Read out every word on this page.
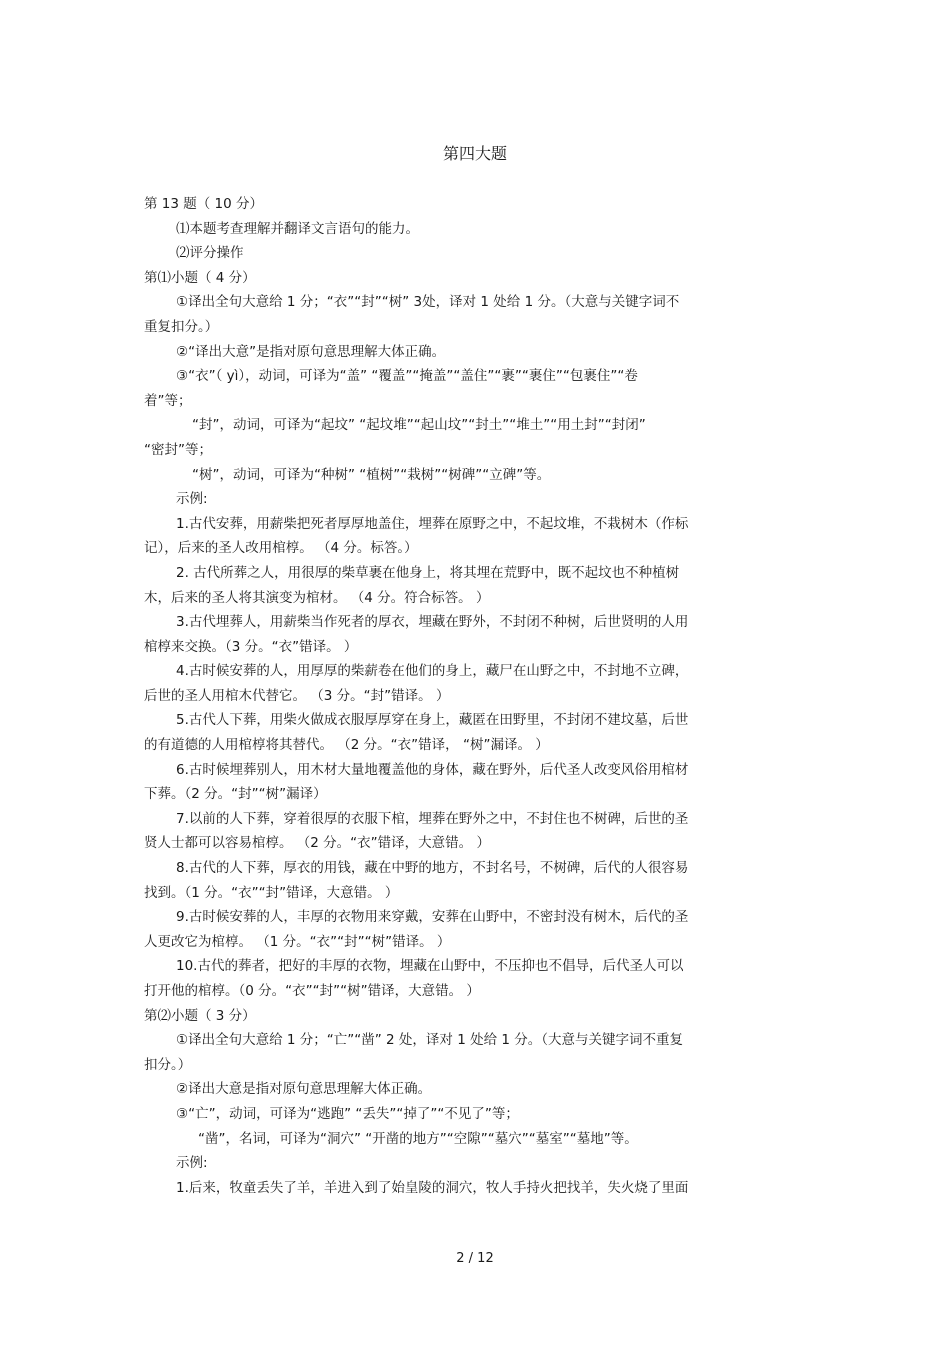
第四大题
第 13 题（ 10 分）
⑴本题考查理解并翻译文言语句的能力。
⑵评分操作
第⑴小题（ 4 分）
①译出全句大意给 1 分；“衣”“封”“树” 3处，译对 1 处给 1 分。（大意与关键字词不
重复扣分。）
②“译出大意”是指对原句意思理解大体正确。
③“衣”（ yì），动词，可译为“盖” “覆盖”“掩盖”“盖住”“裹”“裹住”“包裹住”“卷
着”等；
“封”，动词，可译为“起坟” “起坟堆”“起山坟”“封土”“堆土”“用土封”“封闭”
“密封”等；
“树”，动词，可译为“种树” “植树”“栽树”“树碑”“立碑”等。
示例:
1.古代安葬，用薪柴把死者厚厚地盖住，埋葬在原野之中，不起坟堆，不栽树木（作标
记），后来的圣人改用棺椁。 （4 分。标答。）
2. 古代所葬之人，用很厚的柴草裹在他身上，将其埋在荒野中，既不起坟也不种植树
木，后来的圣人将其演变为棺材。 （4 分。符合标答。 ）
3.古代埋葬人，用薪柴当作死者的厚衣，埋藏在野外，不封闭不种树，后世贤明的人用
棺椁来交换。（3 分。“衣”错译。 ）
4.古时候安葬的人，用厚厚的柴薪卷在他们的身上，藏尸在山野之中，不封地不立碑，
后世的圣人用棺木代替它。 （3 分。“封”错译。 ）
5.古代人下葬，用柴火做成衣服厚厚穿在身上，藏匿在田野里，不封闭不建坟墓，后世
的有道德的人用棺椁将其替代。 （2 分。“衣”错译， “树”漏译。 ）
6.古时候埋葬别人，用木材大量地覆盖他的身体，藏在野外，后代圣人改变风俗用棺材
下葬。（2 分。“封”“树”漏译）
7.以前的人下葬，穿着很厚的衣服下棺，埋葬在野外之中，不封住也不树碑，后世的圣
贤人士都可以容易棺椁。 （2 分。“衣”错译，大意错。 ）
8.古代的人下葬，厚衣的用钱，藏在中野的地方，不封名号，不树碑，后代的人很容易
找到。（1 分。“衣”“封”错译，大意错。 ）
9.古时候安葬的人，丰厚的衣物用来穿戴，安葬在山野中，不密封没有树木，后代的圣
人更改它为棺椁。 （1 分。“衣”“封”“树”错译。 ）
10.古代的葬者，把好的丰厚的衣物，埋藏在山野中，不压抑也不倡导，后代圣人可以
打开他的棺椁。（0 分。“衣”“封”“树”错译，大意错。 ）
第⑵小题（ 3 分）
①译出全句大意给 1 分；“亡”“凿” 2 处，译对 1 处给 1 分。（大意与关键字词不重复
扣分。）
②译出大意是指对原句意思理解大体正确。
③“亡”，动词，可译为“逃跑” “丢失”“掉了”“不见了”等；
“凿”，名词，可译为“洞穴” “开凿的地方”“空隙”“墓穴”“墓室”“墓地”等。
示例:
1.后来，牧童丢失了羊，羊进入到了始皇陵的洞穴，牧人手持火把找羊，失火烧了里面
2 / 12
